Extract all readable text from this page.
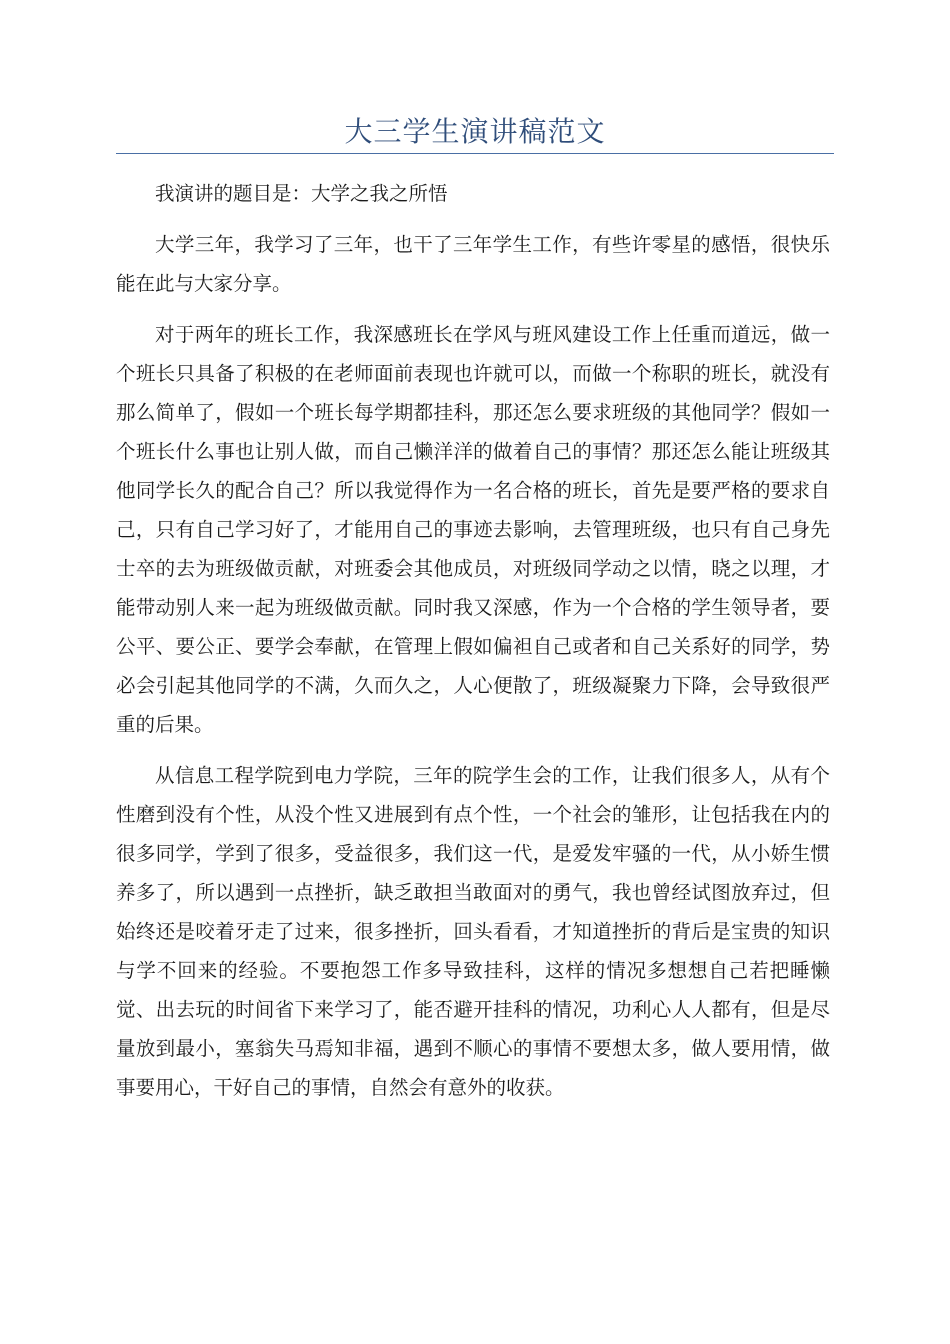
大三学生演讲稿范文

我演讲的题目是：大学之我之所悟

大学三年，我学习了三年，也干了三年学生工作，有些许零星的感悟，很快乐能在此与大家分享。

对于两年的班长工作，我深感班长在学风与班风建设工作上任重而道远，做一个班长只具备了积极的在老师面前表现也许就可以，而做一个称职的班长，就没有那么简单了，假如一个班长每学期都挂科，那还怎么要求班级的其他同学？假如一个班长什么事也让别人做，而自己懒洋洋的做着自己的事情？那还怎么能让班级其他同学长久的配合自己？所以我觉得作为一名合格的班长，首先是要严格的要求自己，只有自己学习好了，才能用自己的事迹去影响，去管理班级，也只有自己身先士卒的去为班级做贡献，对班委会其他成员，对班级同学动之以情，晓之以理，才能带动别人来一起为班级做贡献。同时我又深感，作为一个合格的学生领导者，要公平、要公正、要学会奉献，在管理上假如偏袒自己或者和自己关系好的同学，势必会引起其他同学的不满，久而久之，人心便散了，班级凝聚力下降，会导致很严重的后果。

从信息工程学院到电力学院，三年的院学生会的工作，让我们很多人，从有个性磨到没有个性，从没个性又进展到有点个性，一个社会的雏形，让包括我在内的很多同学，学到了很多，受益很多，我们这一代，是爱发牢骚的一代，从小娇生惯养多了，所以遇到一点挫折，缺乏敢担当敢面对的勇气，我也曾经试图放弃过，但始终还是咬着牙走了过来，很多挫折，回头看看，才知道挫折的背后是宝贵的知识与学不回来的经验。不要抱怨工作多导致挂科，这样的情况多想想自己若把睡懒觉、出去玩的时间省下来学习了，能否避开挂科的情况，功利心人人都有，但是尽量放到最小，塞翁失马焉知非福，遇到不顺心的事情不要想太多，做人要用情，做事要用心，干好自己的事情，自然会有意外的收获。
